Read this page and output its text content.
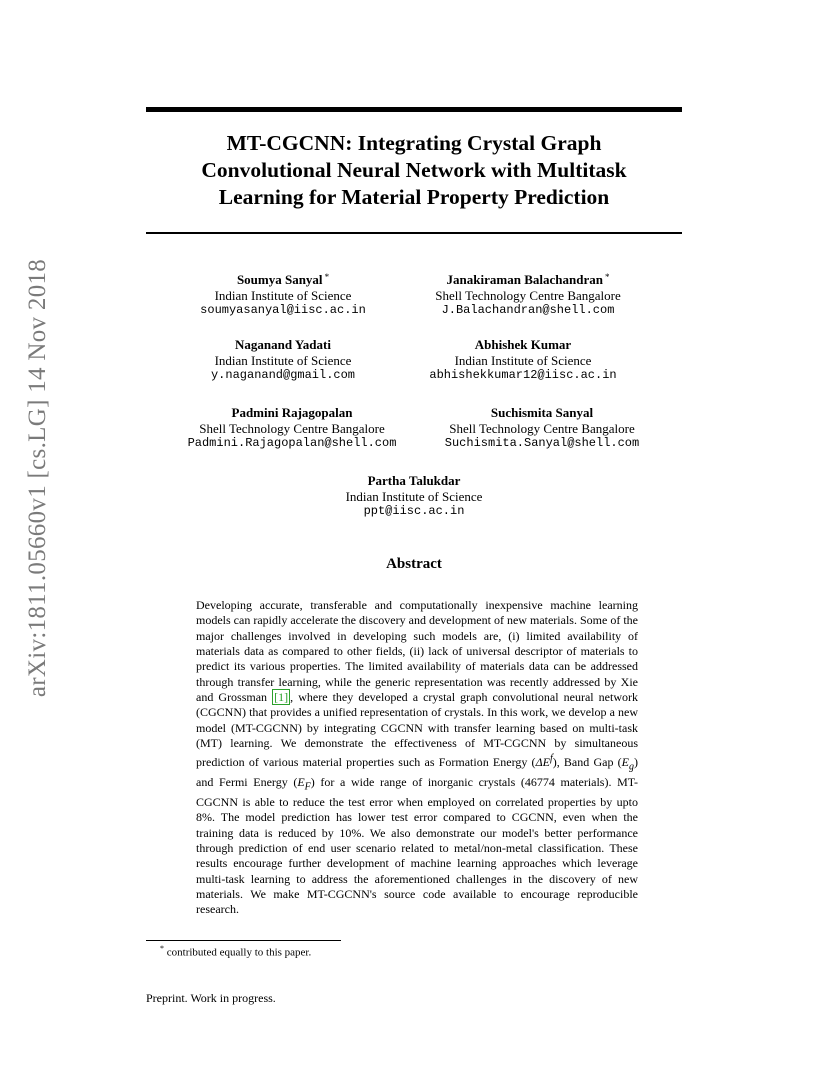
MT-CGCNN: Integrating Crystal Graph
Convolutional Neural Network with Multitask
Learning for Material Property Prediction
arXiv:1811.05660v1 [cs.LG] 14 Nov 2018	Soumya Sanyal *
Indian Institute of Science
soumyasanyal@iisc.ac.in
Janakiraman Balachandran *
Shell Technology Centre Bangalore
J.Balachandran@shell.com
Naganand Yadati
Indian Institute of Science
y.naganand@gmail.com
Abhishek Kumar
Indian Institute of Science
abhishekkumar12@iisc.ac.in
Padmini Rajagopalan
Shell Technology Centre Bangalore
Padmini.Rajagopalan@shell.com
Suchismita Sanyal
Shell Technology Centre Bangalore
Suchismita.Sanyal@shell.com
Partha Talukdar
Indian Institute of Science
ppt@iisc.ac.in
Abstract

Developing accurate, transferable and computationally inexpensive machine learning models can rapidly accelerate the discovery and development of new materials. Some of the major challenges involved in developing such models are, (i) limited availability of materials data as compared to other fields, (ii) lack of universal descriptor of materials to predict its various properties. The limited availability of materials data can be addressed through transfer learning, while the generic representation was recently addressed by Xie and Grossman [1] , where they developed a crystal graph convolutional neural network (CGCNN) that provides a unified representation of crystals. In this work, we develop a new model (MT-CGCNN) by integrating CGCNN with transfer learning based on multi-task (MT) learning. We demonstrate the effectiveness of MT-CGCNN by simultaneous prediction of various material properties such as Formation Energy $(\Delta E^f)$, Band Gap $(E_g)$ and Fermi Energy $(E_F)$ for a wide range of inorganic crystals (46774 materials). MT-CGCNN is able to reduce the test error when employed on correlated properties by upto 8%. The model prediction has lower test error compared to CGCNN, even when the training data is reduced by 10%. We also demonstrate our model's better performance through prediction of end user scenario related to metal/non-metal classification. These results encourage further development of machine learning approaches which leverage multi-task learning to address the aforementioned challenges in the discovery of new materials. We make MT-CGCNN's source code available to encourage reproducible research.

* contributed equally to this paper.
Preprint. Work in progress.
